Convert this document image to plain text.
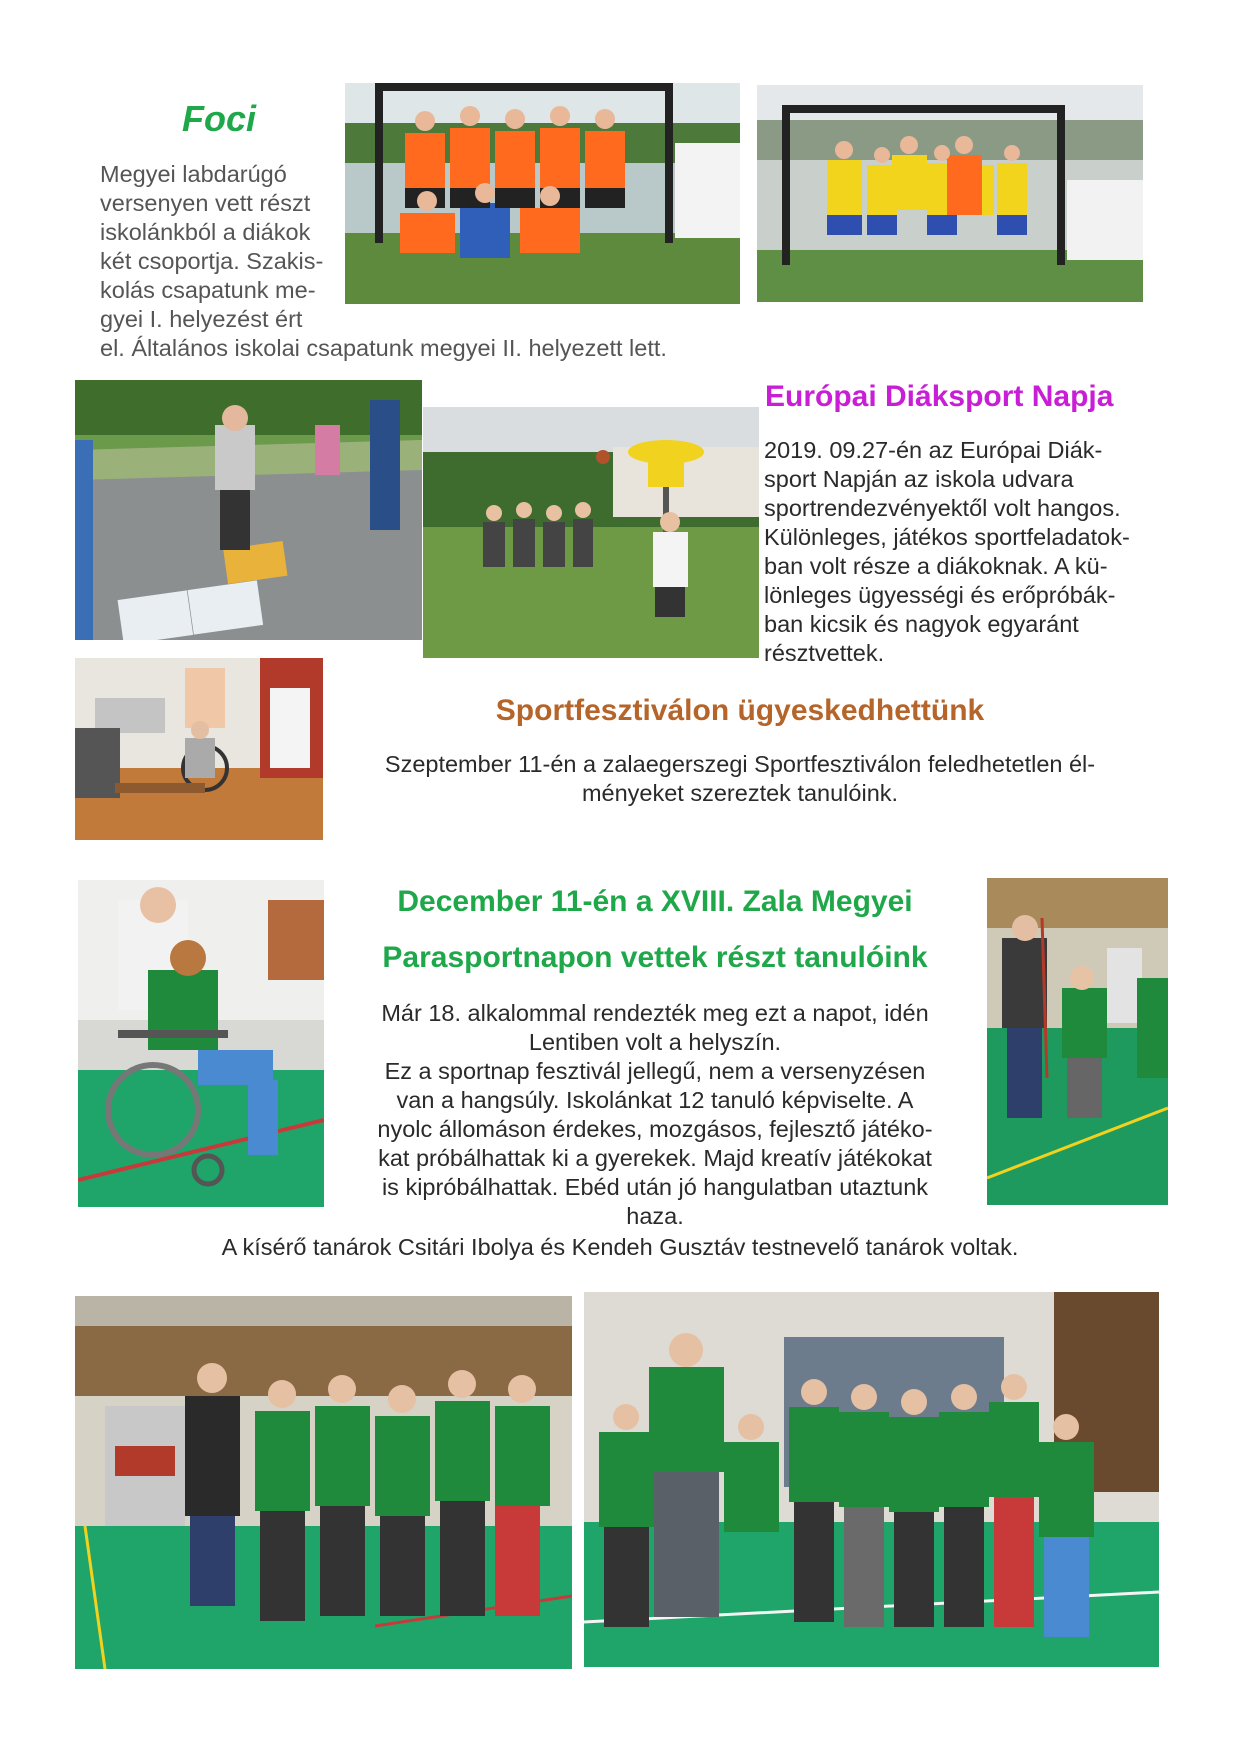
Foci
Megyei labdarúgó
versenyen vett részt
iskolánkból a diákok
két csoportja. Szakis-
kolás csapatunk me-
gyei I. helyezést ért
el. Általános iskolai csapatunk megyei II. helyezett lett.
Európai Diáksport Napja
2019. 09.27-én az Európai Diák-
sport Napján az iskola udvara
sportrendezvényektől volt hangos.
Különleges, játékos sportfeladatok-
ban volt része a diákoknak. A kü-
lönleges ügyességi és erőpróbák-
ban kicsik és nagyok egyaránt
résztvettek.
Sportfesztiválon ügyeskedhettünk
Szeptember 11-én a zalaegerszegi Sportfesztiválon feledhetetlen él-
ményeket szereztek tanulóink.
December 11-én a XVIII. Zala Megyei
Parasportnapon vettek részt tanulóink
Már 18. alkalommal rendezték meg ezt a napot, idén
Lentiben volt a helyszín.
Ez a sportnap fesztivál jellegű, nem a versenyzésen
van a hangsúly. Iskolánkat 12 tanuló képviselte. A
nyolc állomáson érdekes, mozgásos, fejlesztő játéko-
kat próbálhattak ki a gyerekek. Majd kreatív játékokat
is kipróbálhattak. Ebéd után jó hangulatban utaztunk
haza.
A kísérő tanárok Csitári Ibolya és Kendeh Gusztáv testnevelő tanárok voltak.
